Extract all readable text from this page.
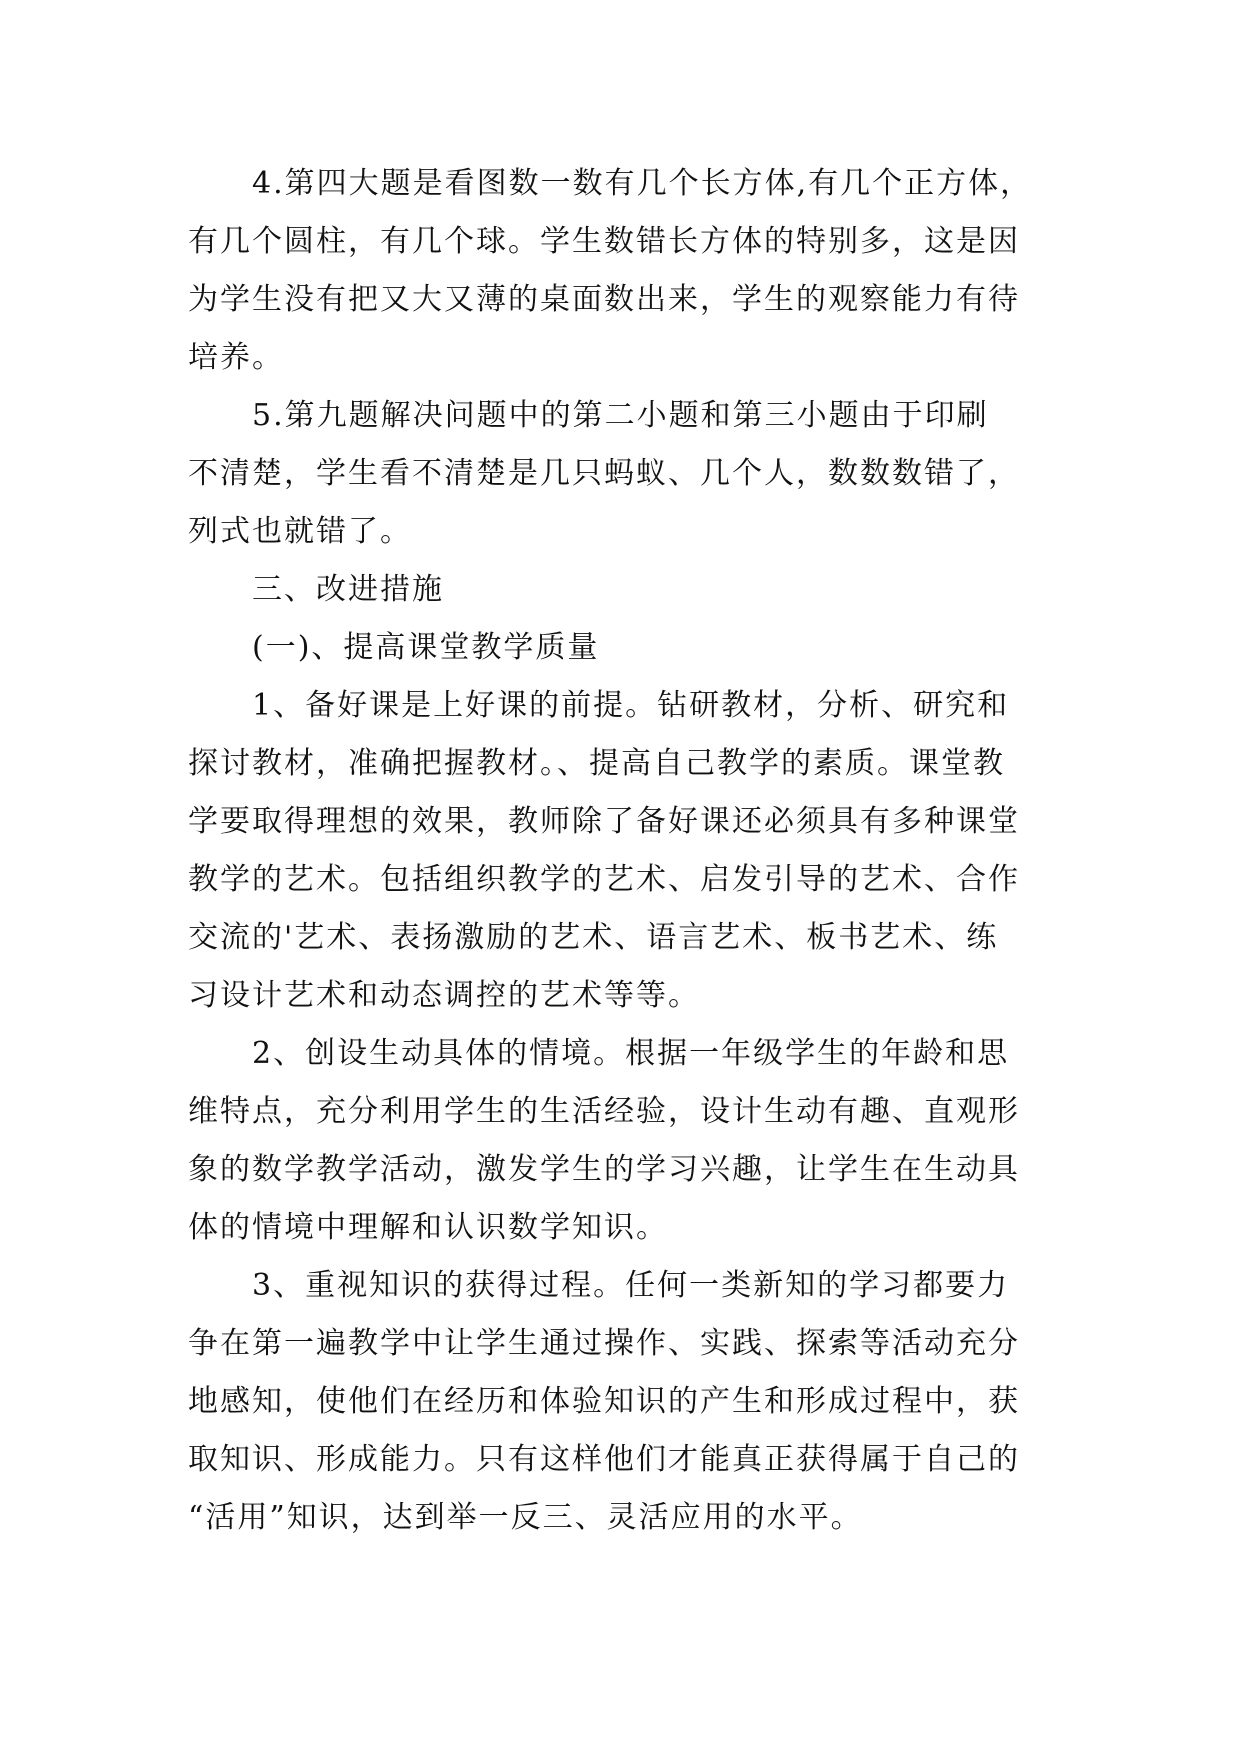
4.第四大题是看图数一数有几个长方体,有几个正方体，
有几个圆柱，有几个球。学生数错长方体的特别多，这是因
为学生没有把又大又薄的桌面数出来，学生的观察能力有待
培养。
5.第九题解决问题中的第二小题和第三小题由于印刷
不清楚，学生看不清楚是几只蚂蚁、几个人，数数数错了，
列式也就错了。
三、改进措施
(一)、提高课堂教学质量
1、备好课是上好课的前提。钻研教材，分析、研究和
探讨教材，准确把握教材。、提高自己教学的素质。课堂教
学要取得理想的效果，教师除了备好课还必须具有多种课堂
教学的艺术。包括组织教学的艺术、启发引导的艺术、合作
交流的'艺术、表扬激励的艺术、语言艺术、板书艺术、练
习设计艺术和动态调控的艺术等等。
2、创设生动具体的情境。根据一年级学生的年龄和思
维特点，充分利用学生的生活经验，设计生动有趣、直观形
象的数学教学活动，激发学生的学习兴趣，让学生在生动具
体的情境中理解和认识数学知识。
3、重视知识的获得过程。任何一类新知的学习都要力
争在第一遍教学中让学生通过操作、实践、探索等活动充分
地感知，使他们在经历和体验知识的产生和形成过程中，获
取知识、形成能力。只有这样他们才能真正获得属于自己的
“活用”知识，达到举一反三、灵活应用的水平。
